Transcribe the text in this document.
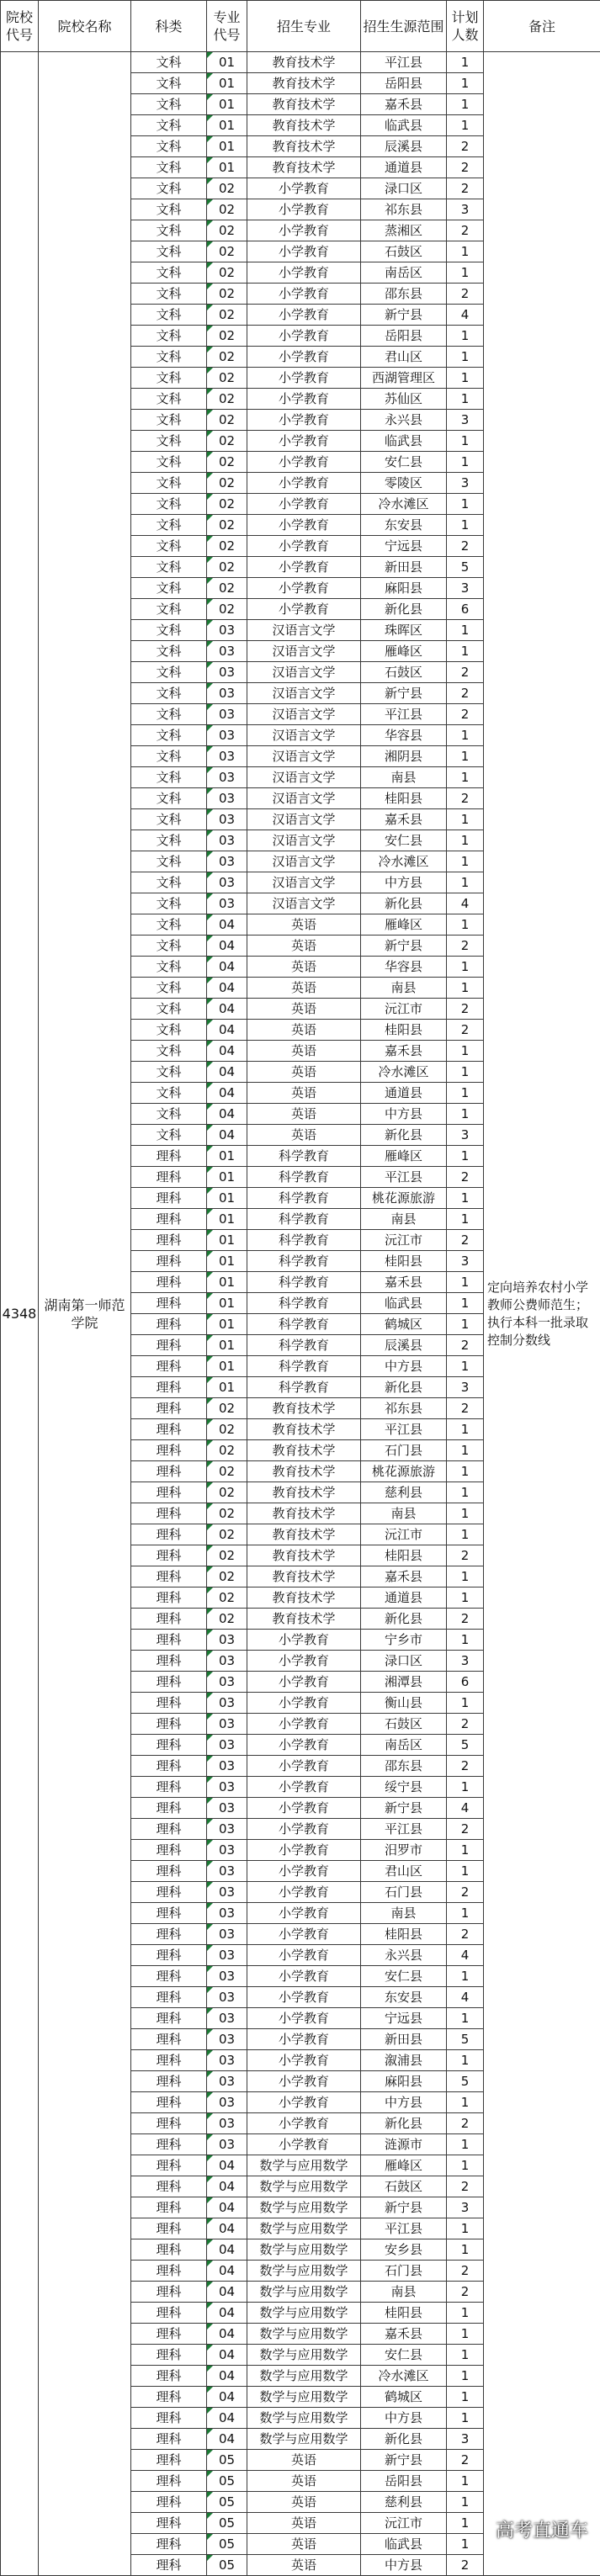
院校代号	院校名称	科类	专业代号	招生专业	招生生源范围	计划人数	备注
4348	湖南第一师范学院	文科	01	教育技术学	平江县	1	定向培养农村小学教师公费师范生；执行本科一批录取控制分数线
		文科	01	教育技术学	岳阳县	1	
		文科	01	教育技术学	嘉禾县	1	
		文科	01	教育技术学	临武县	1	
		文科	01	教育技术学	辰溪县	2	
		文科	01	教育技术学	通道县	2	
		文科	02	小学教育	渌口区	2	
		文科	02	小学教育	祁东县	3	
		文科	02	小学教育	蒸湘区	2	
		文科	02	小学教育	石鼓区	1	
		文科	02	小学教育	南岳区	1	
		文科	02	小学教育	邵东县	2	
		文科	02	小学教育	新宁县	4	
		文科	02	小学教育	岳阳县	1	
		文科	02	小学教育	君山区	1	
		文科	02	小学教育	西湖管理区	1	
		文科	02	小学教育	苏仙区	1	
		文科	02	小学教育	永兴县	3	
		文科	02	小学教育	临武县	1	
		文科	02	小学教育	安仁县	1	
		文科	02	小学教育	零陵区	3	
		文科	02	小学教育	冷水滩区	1	
		文科	02	小学教育	东安县	1	
		文科	02	小学教育	宁远县	2	
		文科	02	小学教育	新田县	5	
		文科	02	小学教育	麻阳县	3	
		文科	02	小学教育	新化县	6	
		文科	03	汉语言文学	珠晖区	1	
		文科	03	汉语言文学	雁峰区	1	
		文科	03	汉语言文学	石鼓区	2	
		文科	03	汉语言文学	新宁县	2	
		文科	03	汉语言文学	平江县	2	
		文科	03	汉语言文学	华容县	1	
		文科	03	汉语言文学	湘阴县	1	
		文科	03	汉语言文学	南县	1	
		文科	03	汉语言文学	桂阳县	2	
		文科	03	汉语言文学	嘉禾县	1	
		文科	03	汉语言文学	安仁县	1	
		文科	03	汉语言文学	冷水滩区	1	
		文科	03	汉语言文学	中方县	1	
		文科	03	汉语言文学	新化县	4	
		文科	04	英语	雁峰区	1	
		文科	04	英语	新宁县	2	
		文科	04	英语	华容县	1	
		文科	04	英语	南县	1	
		文科	04	英语	沅江市	2	
		文科	04	英语	桂阳县	2	
		文科	04	英语	嘉禾县	1	
		文科	04	英语	冷水滩区	1	
		文科	04	英语	通道县	1	
		文科	04	英语	中方县	1	
		文科	04	英语	新化县	3	
		理科	01	科学教育	雁峰区	1	
		理科	01	科学教育	平江县	2	
		理科	01	科学教育	桃花源旅游	1	
		理科	01	科学教育	南县	1	
		理科	01	科学教育	沅江市	2	
		理科	01	科学教育	桂阳县	3	
		理科	01	科学教育	嘉禾县	1	
		理科	01	科学教育	临武县	1	
		理科	01	科学教育	鹤城区	1	
		理科	01	科学教育	辰溪县	2	
		理科	01	科学教育	中方县	1	
		理科	01	科学教育	新化县	3	
		理科	02	教育技术学	祁东县	2	
		理科	02	教育技术学	平江县	1	
		理科	02	教育技术学	石门县	1	
		理科	02	教育技术学	桃花源旅游	1	
		理科	02	教育技术学	慈利县	1	
		理科	02	教育技术学	南县	1	
		理科	02	教育技术学	沅江市	1	
		理科	02	教育技术学	桂阳县	2	
		理科	02	教育技术学	嘉禾县	1	
		理科	02	教育技术学	通道县	1	
		理科	02	教育技术学	新化县	2	
		理科	03	小学教育	宁乡市	1	
		理科	03	小学教育	渌口区	3	
		理科	03	小学教育	湘潭县	6	
		理科	03	小学教育	衡山县	1	
		理科	03	小学教育	石鼓区	2	
		理科	03	小学教育	南岳区	5	
		理科	03	小学教育	邵东县	2	
		理科	03	小学教育	绥宁县	1	
		理科	03	小学教育	新宁县	4	
		理科	03	小学教育	平江县	2	
		理科	03	小学教育	汨罗市	1	
		理科	03	小学教育	君山区	1	
		理科	03	小学教育	石门县	2	
		理科	03	小学教育	南县	1	
		理科	03	小学教育	桂阳县	2	
		理科	03	小学教育	永兴县	4	
		理科	03	小学教育	安仁县	1	
		理科	03	小学教育	东安县	4	
		理科	03	小学教育	宁远县	1	
		理科	03	小学教育	新田县	5	
		理科	03	小学教育	溆浦县	1	
		理科	03	小学教育	麻阳县	5	
		理科	03	小学教育	中方县	1	
		理科	03	小学教育	新化县	2	
		理科	03	小学教育	涟源市	1	
		理科	04	数学与应用数学	雁峰区	1	
		理科	04	数学与应用数学	石鼓区	2	
		理科	04	数学与应用数学	新宁县	3	
		理科	04	数学与应用数学	平江县	1	
		理科	04	数学与应用数学	安乡县	1	
		理科	04	数学与应用数学	石门县	2	
		理科	04	数学与应用数学	南县	2	
		理科	04	数学与应用数学	桂阳县	1	
		理科	04	数学与应用数学	嘉禾县	1	
		理科	04	数学与应用数学	安仁县	1	
		理科	04	数学与应用数学	冷水滩区	1	
		理科	04	数学与应用数学	鹤城区	1	
		理科	04	数学与应用数学	中方县	1	
		理科	04	数学与应用数学	新化县	3	
		理科	05	英语	新宁县	2	
		理科	05	英语	岳阳县	1	
		理科	05	英语	慈利县	1	
		理科	05	英语	沅江市	1	
		理科	05	英语	临武县	1	
		理科	05	英语	中方县	2	高考直通车
